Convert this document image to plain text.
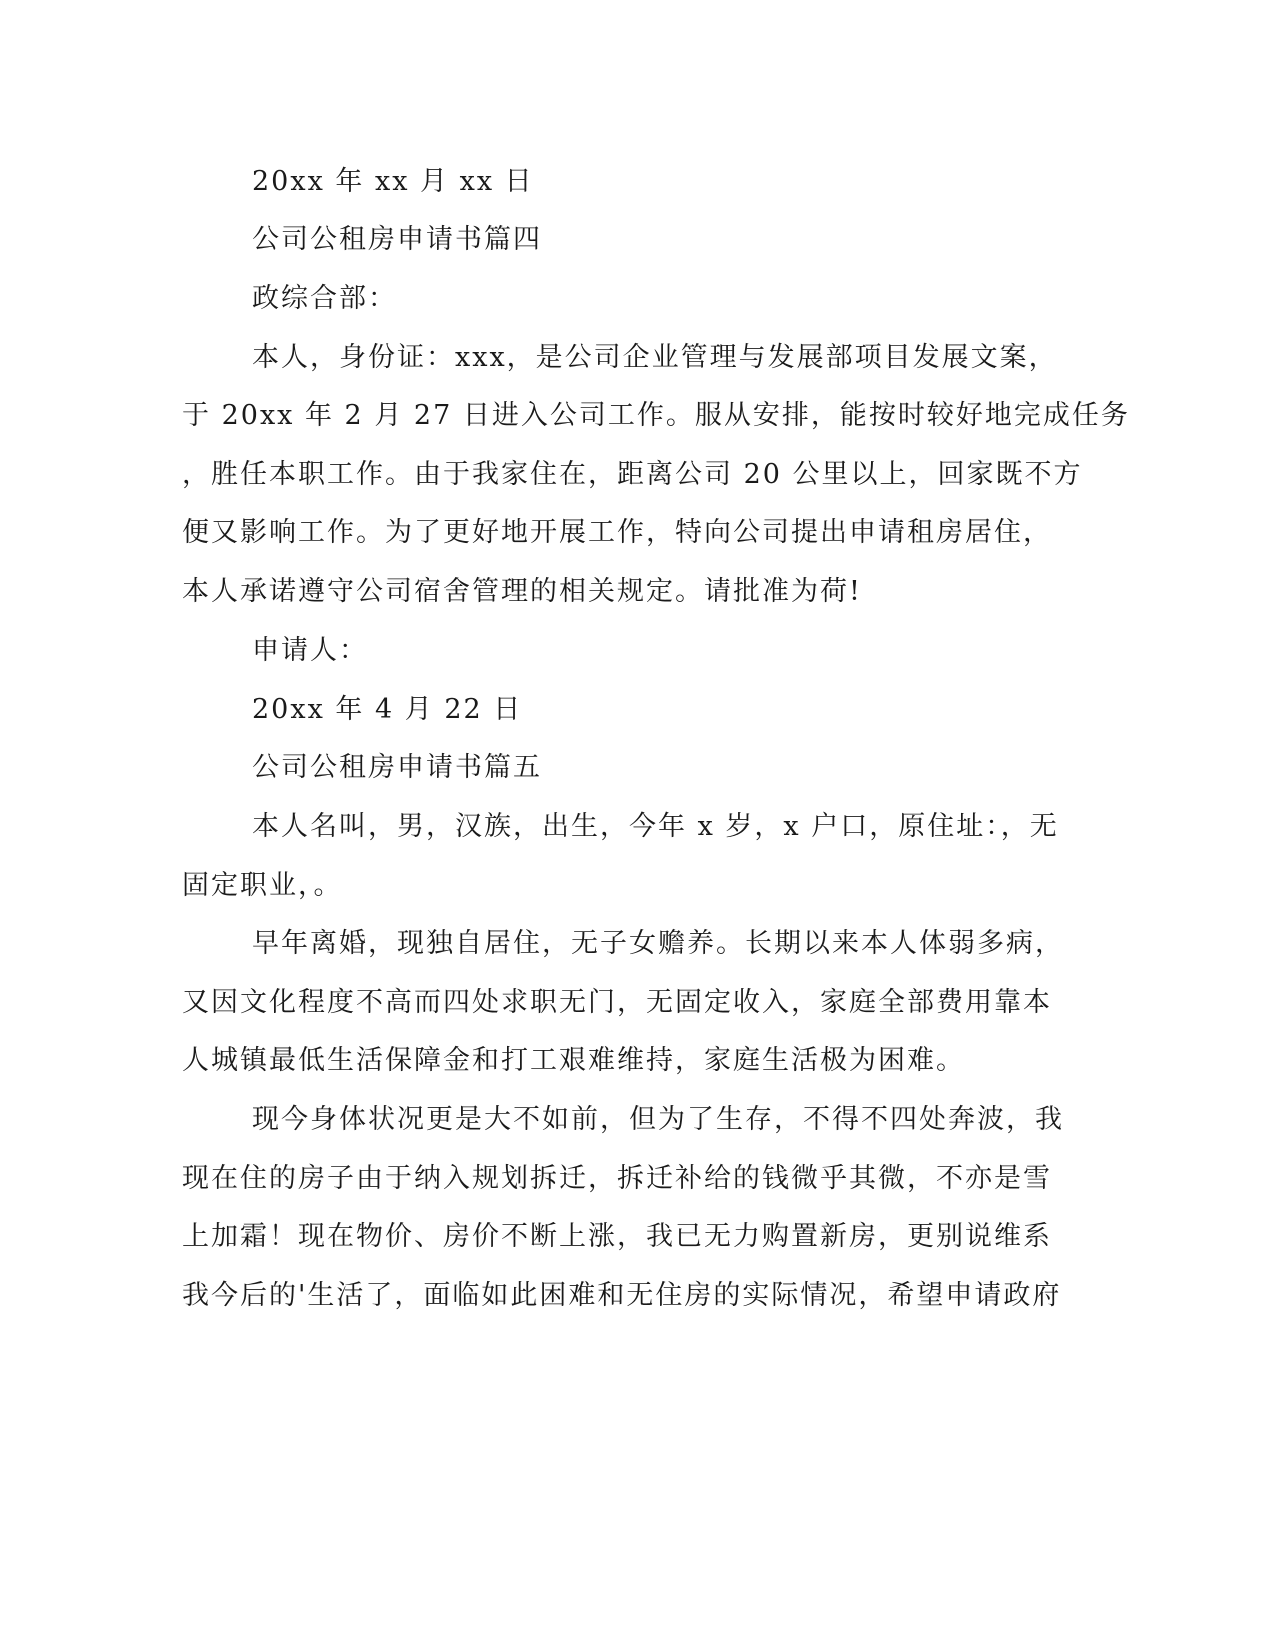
20xx 年 xx 月 xx 日
公司公租房申请书篇四
政综合部：
本人，身份证：xxx，是公司企业管理与发展部项目发展文案，
于 20xx 年 2 月 27 日进入公司工作。服从安排，能按时较好地完成任务
，胜任本职工作。由于我家住在，距离公司 20 公里以上，回家既不方
便又影响工作。为了更好地开展工作，特向公司提出申请租房居住，
本人承诺遵守公司宿舍管理的相关规定。请批准为荷!
申请人：
20xx 年 4 月 22 日
公司公租房申请书篇五
本人名叫，男，汉族，出生，今年 x 岁，x 户口，原住址：，无
固定职业，。
早年离婚，现独自居住，无子女赡养。长期以来本人体弱多病，
又因文化程度不高而四处求职无门，无固定收入，家庭全部费用靠本
人城镇最低生活保障金和打工艰难维持，家庭生活极为困难。
现今身体状况更是大不如前，但为了生存，不得不四处奔波，我
现在住的房子由于纳入规划拆迁，拆迁补给的钱微乎其微，不亦是雪
上加霜！现在物价、房价不断上涨，我已无力购置新房，更别说维系
我今后的'生活了，面临如此困难和无住房的实际情况，希望申请政府
